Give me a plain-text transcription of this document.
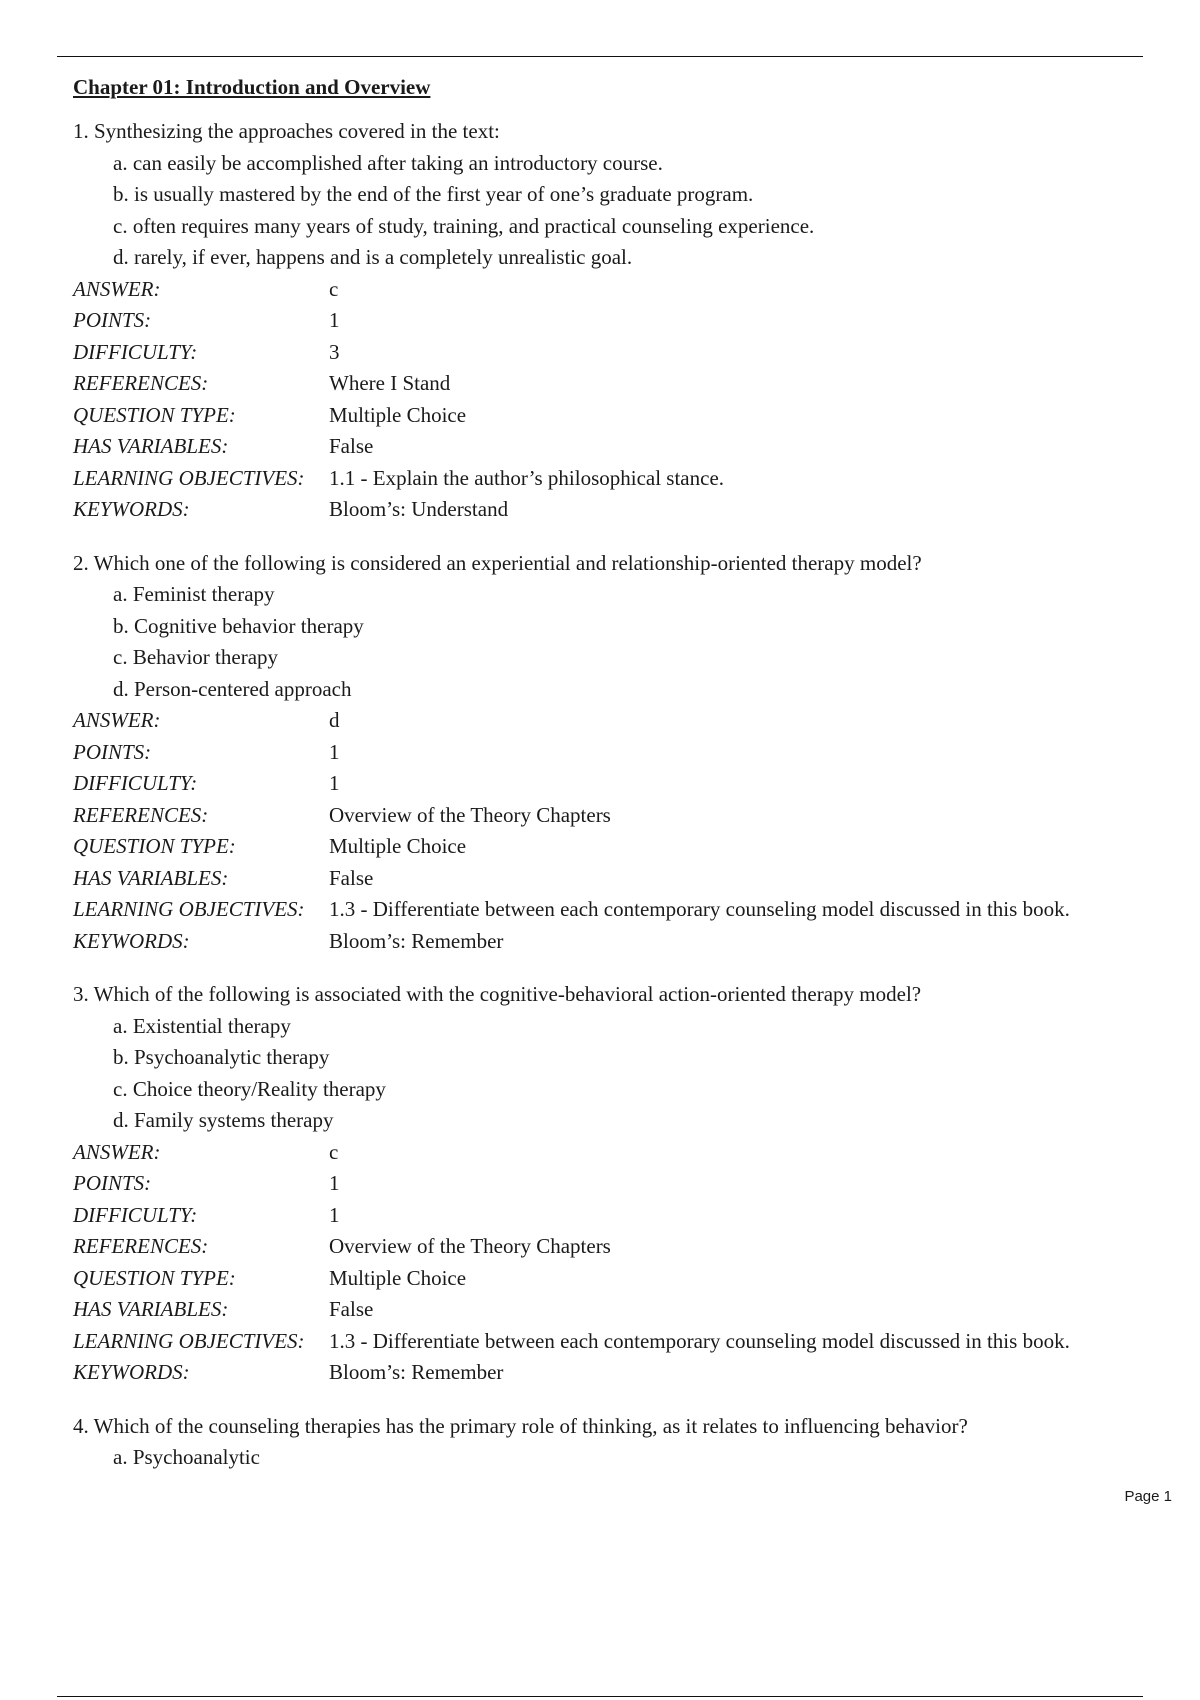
Chapter 01: Introduction and Overview
1. Synthesizing the approaches covered in the text:
a. can easily be accomplished after taking an introductory course.
b. is usually mastered by the end of the first year of one’s graduate program.
c. often requires many years of study, training, and practical counseling experience.
d. rarely, if ever, happens and is a completely unrealistic goal.
ANSWER:	c
POINTS:	1
DIFFICULTY:	3
REFERENCES:	Where I Stand
QUESTION TYPE:	Multiple Choice
HAS VARIABLES:	False
LEARNING OBJECTIVES:	1.1 - Explain the author’s philosophical stance.
KEYWORDS:	Bloom’s: Understand
2. Which one of the following is considered an experiential and relationship-oriented therapy model?
a. Feminist therapy
b. Cognitive behavior therapy
c. Behavior therapy
d. Person-centered approach
ANSWER:	d
POINTS:	1
DIFFICULTY:	1
REFERENCES:	Overview of the Theory Chapters
QUESTION TYPE:	Multiple Choice
HAS VARIABLES:	False
LEARNING OBJECTIVES:	1.3 - Differentiate between each contemporary counseling model discussed in this book.
KEYWORDS:	Bloom’s: Remember
3. Which of the following is associated with the cognitive-behavioral action-oriented therapy model?
a. Existential therapy
b. Psychoanalytic therapy
c. Choice theory/Reality therapy
d. Family systems therapy
ANSWER:	c
POINTS:	1
DIFFICULTY:	1
REFERENCES:	Overview of the Theory Chapters
QUESTION TYPE:	Multiple Choice
HAS VARIABLES:	False
LEARNING OBJECTIVES:	1.3 - Differentiate between each contemporary counseling model discussed in this book.
KEYWORDS:	Bloom’s: Remember
4. Which of the counseling therapies has the primary role of thinking, as it relates to influencing behavior?
a. Psychoanalytic
Page 1
